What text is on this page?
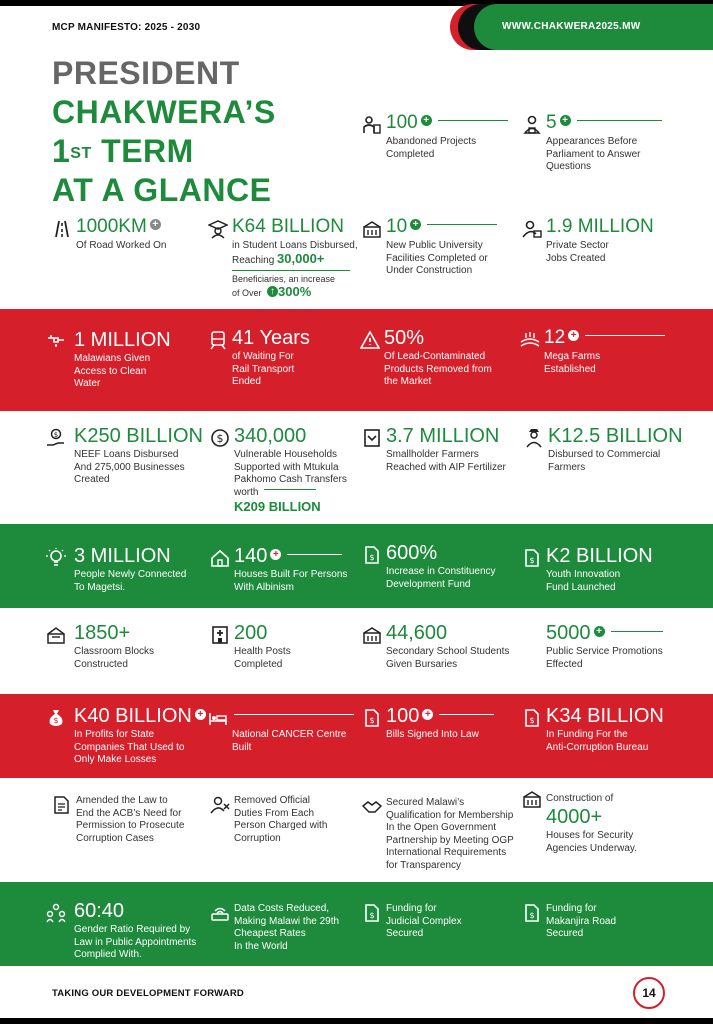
MCP MANIFESTO: 2025 - 2030	WWW.CHAKWERA2025.MW
PRESIDENT
CHAKWERA’S
1ST TERM
AT A GLANCE
100 +
Abandoned Projects
Completed
5 +
Appearances Before
Parliament to Answer
Questions
1000KM +
Of Road Worked On
K64 BILLION
in Student Loans Disbursed,
Reaching 30,000+
Beneficiaries, an increase
of Over ↑ 300%
10 +
New Public University
Facilities Completed or
Under Construction
1.9 MILLION
Private Sector
Jobs Created
1 MILLION
Malawians Given
Access to Clean
Water
41 Years
of Waiting For
Rail Transport
Ended
50%
Of Lead-Contaminated
Products Removed from
the Market
12 +
Mega Farms
Established
$ K250 BILLION
NEEF Loans Disbursed
And 275,000 Businesses
Created
$ 340,000
Vulnerable Households
Supported with Mtukula
Pakhomo Cash Transfers
worth
K209 BILLION
3.7 MILLION
Smallholder Farmers
Reached with AIP Fertilizer
K12.5 BILLION
Disbursed to Commercial
Farmers
3 MILLION
People Newly Connected
To Magetsi.
140 +
Houses Built For Persons
With Albinism
$ 600%
Increase in Constituency
Development Fund
$ K2 BILLION
Youth Innovation
Fund Launched
1850+
Classroom Blocks
Constructed
200
Health Posts
Completed
44,600
Secondary School Students
Given Bursaries
5000 +
Public Service Promotions
Effected
$ K40 BILLION +
In Profits for State
Companies That Used to
Only Make Losses
National CANCER Centre
Built
$ 100 +
Bills Signed Into Law
$ K34 BILLION
In Funding For the
Anti-Corruption Bureau
Amended the Law to
End the ACB’s Need for
Permission to Prosecute
Corruption Cases
Removed Official
Duties From Each
Person Charged with
Corruption
Secured Malawi’s
Qualification for Membership
In the Open Government
Partnership by Meeting OGP
International Requirements
for Transparency
Construction of
4000+
Houses for Security
Agencies Underway.
60:40
Gender Ratio Required by
Law in Public Appointments
Complied With.
Data Costs Reduced,
Making Malawi the 29th
Cheapest Rates
In the World
$
Funding for
Judicial Complex
Secured
$
Funding for
Makanjira Road
Secured
TAKING OUR DEVELOPMENT FORWARD	14
